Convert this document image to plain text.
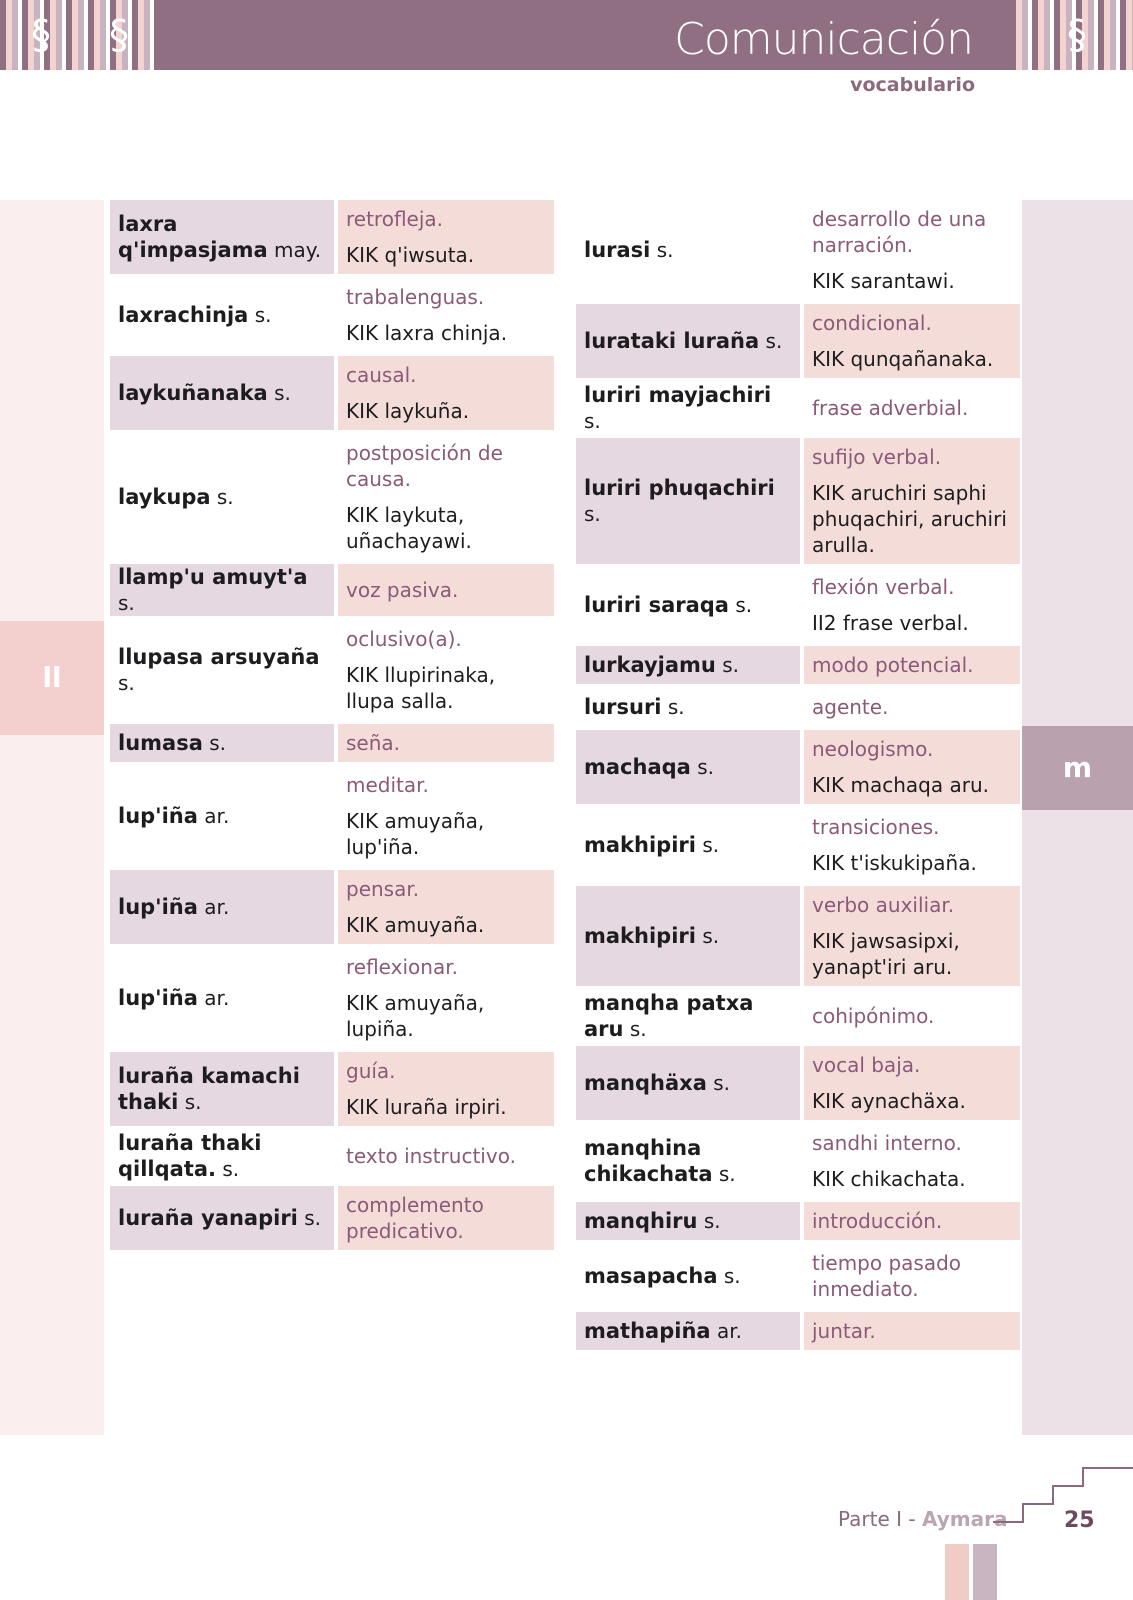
§ §	§
Comunicación
vocabulario
ll
m
laxra q'impasjama may.	retrofleja.
KIK q'iwsuta.

laxrachinja s.	trabalenguas.
KIK laxra chinja.

laykuñanaka s.	causal.
KIK laykuña.

laykupa s.	postposición de causa.
KIK laykuta, uñachayawi.

llamp'u amuyt'a s.	voz pasiva.

llupasa arsuyaña s.	oclusivo(a).
KIK llupirinaka, llupa salla.

lumasa s.	seña.

lup'iña ar.	meditar.
KIK amuyaña, lup'iña.

lup'iña ar.	pensar.
KIK amuyaña.

lup'iña ar.	reflexionar.
KIK amuyaña, lupiña.

luraña kamachi thaki s.	guía.
KIK luraña irpiri.

luraña thaki qillqata. s.	texto instructivo.

luraña yanapiri s.	complemento predicativo.
lurasi s.	desarrollo de una narración.
KIK sarantawi.

lurataki luraña s.	condicional.
KIK qunqañanaka.

luriri mayjachiri s.	frase adverbial.

luriri phuqachiri s.	sufijo verbal.
KIK aruchiri saphi phuqachiri, aruchiri arulla.

luriri saraqa s.	flexión verbal.
II2 frase verbal.

lurkayjamu s.	modo potencial.

lursuri s.	agente.

machaqa s.	neologismo.
KIK machaqa aru.

makhipiri s.	transiciones.
KIK t'iskukipaña.

makhipiri s.	verbo auxiliar.
KIK jawsasipxi, yanapt'iri aru.

manqha patxa aru s.	cohipónimo.

manqhäxa s.	vocal baja.
KIK aynachäxa.

manqhina chikachata s.	sandhi interno.
KIK chikachata.

manqhiru s.	introducción.

masapacha s.	tiempo pasado inmediato.

mathapiña ar.	juntar.
Parte I - Aymara	25
